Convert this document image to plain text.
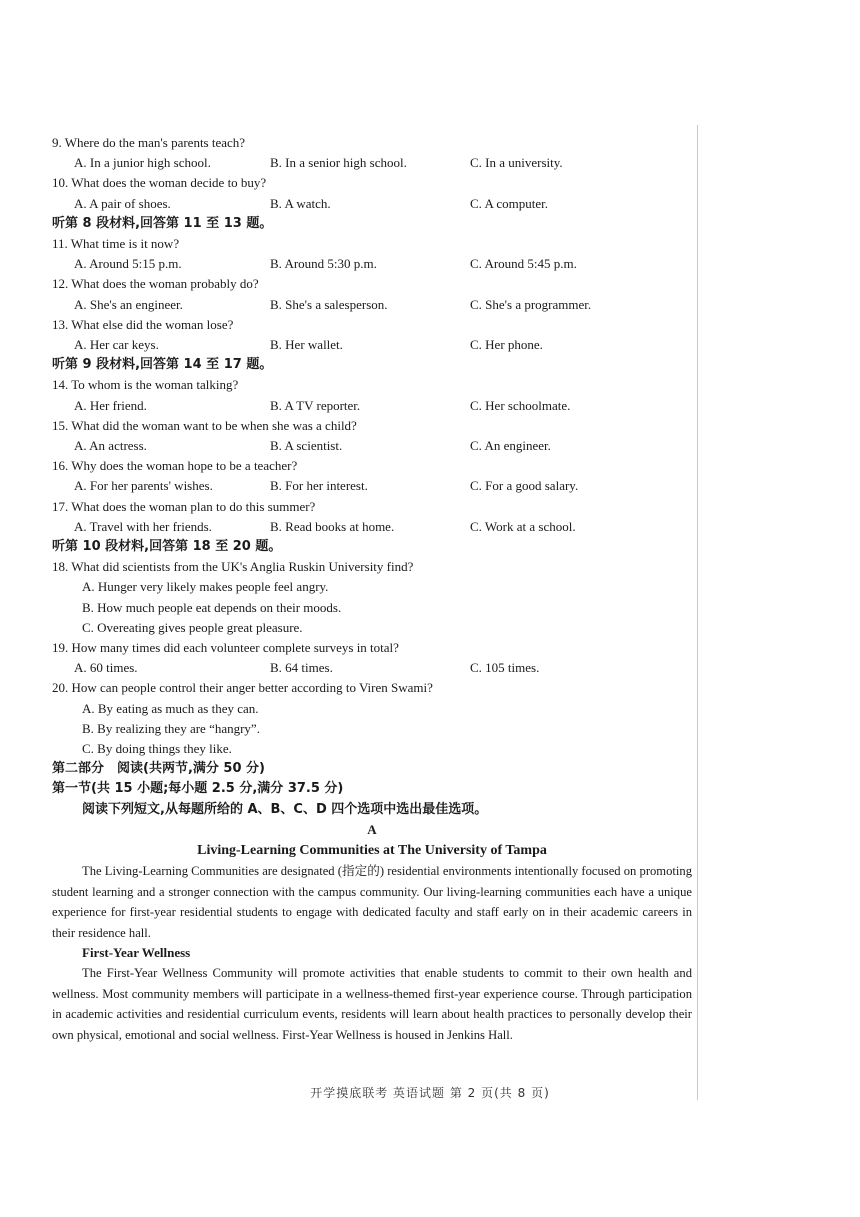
9. Where do the man's parents teach?
A. In a junior high school.	B. In a senior high school.	C. In a university.
10. What does the woman decide to buy?
A. A pair of shoes.	B. A watch.	C. A computer.
听第 8 段材料,回答第 11 至 13 题。
11. What time is it now?
A. Around 5:15 p.m.	B. Around 5:30 p.m.	C. Around 5:45 p.m.
12. What does the woman probably do?
A. She's an engineer.	B. She's a salesperson.	C. She's a programmer.
13. What else did the woman lose?
A. Her car keys.	B. Her wallet.	C. Her phone.
听第 9 段材料,回答第 14 至 17 题。
14. To whom is the woman talking?
A. Her friend.	B. A TV reporter.	C. Her schoolmate.
15. What did the woman want to be when she was a child?
A. An actress.	B. A scientist.	C. An engineer.
16. Why does the woman hope to be a teacher?
A. For her parents' wishes.	B. For her interest.	C. For a good salary.
17. What does the woman plan to do this summer?
A. Travel with her friends.	B. Read books at home.	C. Work at a school.
听第 10 段材料,回答第 18 至 20 题。
18. What did scientists from the UK's Anglia Ruskin University find?
A. Hunger very likely makes people feel angry.
B. How much people eat depends on their moods.
C. Overeating gives people great pleasure.
19. How many times did each volunteer complete surveys in total?
A. 60 times.	B. 64 times.	C. 105 times.
20. How can people control their anger better according to Viren Swami?
A. By eating as much as they can.
B. By realizing they are “hangry”.
C. By doing things they like.
第二部分　阅读(共两节,满分 50 分)
第一节(共 15 小题;每小题 2.5 分,满分 37.5 分)
阅读下列短文,从每题所给的 A、B、C、D 四个选项中选出最佳选项。
A
Living-Learning Communities at The University of Tampa
The Living-Learning Communities are designated (指定的) residential environments intentionally focused on promoting student learning and a stronger connection with the campus community. Our living-learning communities each have a unique experience for first-year residential students to engage with dedicated faculty and staff early on in their academic careers in their residence hall.
First-Year Wellness
The First-Year Wellness Community will promote activities that enable students to commit to their own health and wellness. Most community members will participate in a wellness-themed first-year experience course. Through participation in academic activities and residential curriculum events, residents will learn about health practices to personally develop their own physical, emotional and social wellness. First-Year Wellness is housed in Jenkins Hall.
开学摸底联考 英语试题 第 2 页(共 8 页)
